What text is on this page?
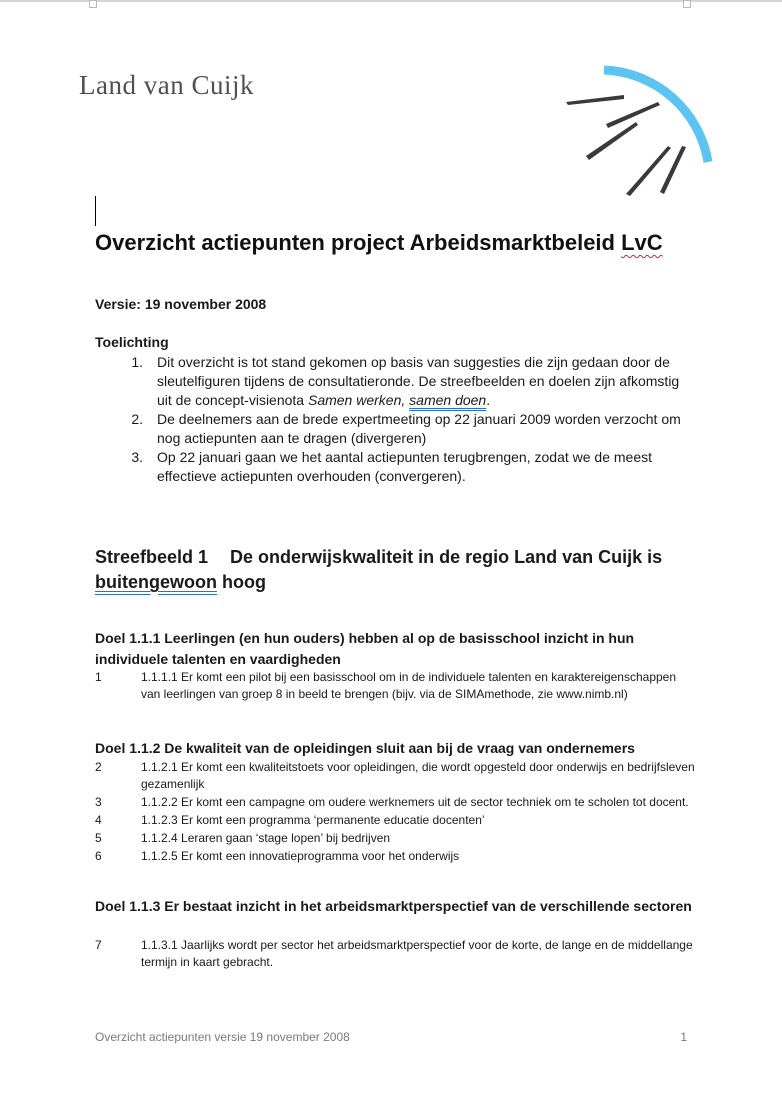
Land van Cuijk
Overzicht actiepunten project Arbeidsmarktbeleid LvC
Versie: 19 november 2008
Toelichting
1.	Dit overzicht is tot stand gekomen op basis van suggesties die zijn gedaan door de sleutelfiguren tijdens de consultatieronde. De streefbeelden en doelen zijn afkomstig uit de concept-visienota Samen werken, samen doen.
2.	De deelnemers aan de brede expertmeeting op 22 januari 2009 worden verzocht om nog actiepunten aan te dragen (divergeren)
3.	Op 22 januari gaan we het aantal actiepunten terugbrengen, zodat we de meest effectieve actiepunten overhouden (convergeren).
Streefbeeld 1 De onderwijskwaliteit in de regio Land van Cuijk is buitengewoon hoog
Doel 1.1.1 Leerlingen (en hun ouders) hebben al op de basisschool inzicht in hun individuele talenten en vaardigheden
1	1.1.1.1 Er komt een pilot bij een basisschool om in de individuele talenten en karaktereigenschappen van leerlingen van groep 8 in beeld te brengen (bijv. via de SIMAmethode, zie www.nimb.nl)
Doel 1.1.2 De kwaliteit van de opleidingen sluit aan bij de vraag van ondernemers
2	1.1.2.1 Er komt een kwaliteitstoets voor opleidingen, die wordt opgesteld door onderwijs en bedrijfsleven gezamenlijk
3	1.1.2.2 Er komt een campagne om oudere werknemers uit de sector techniek om te scholen tot docent.
4	1.1.2.3 Er komt een programma ‘permanente educatie docenten’
5	1.1.2.4 Leraren gaan ‘stage lopen’ bij bedrijven
6	1.1.2.5 Er komt een innovatieprogramma voor het onderwijs
Doel 1.1.3 Er bestaat inzicht in het arbeidsmarktperspectief van de verschillende sectoren
7	1.1.3.1 Jaarlijks wordt per sector het arbeidsmarktperspectief voor de korte, de lange en de middellange termijn in kaart gebracht.
Overzicht actiepunten versie 19 november 2008	1
